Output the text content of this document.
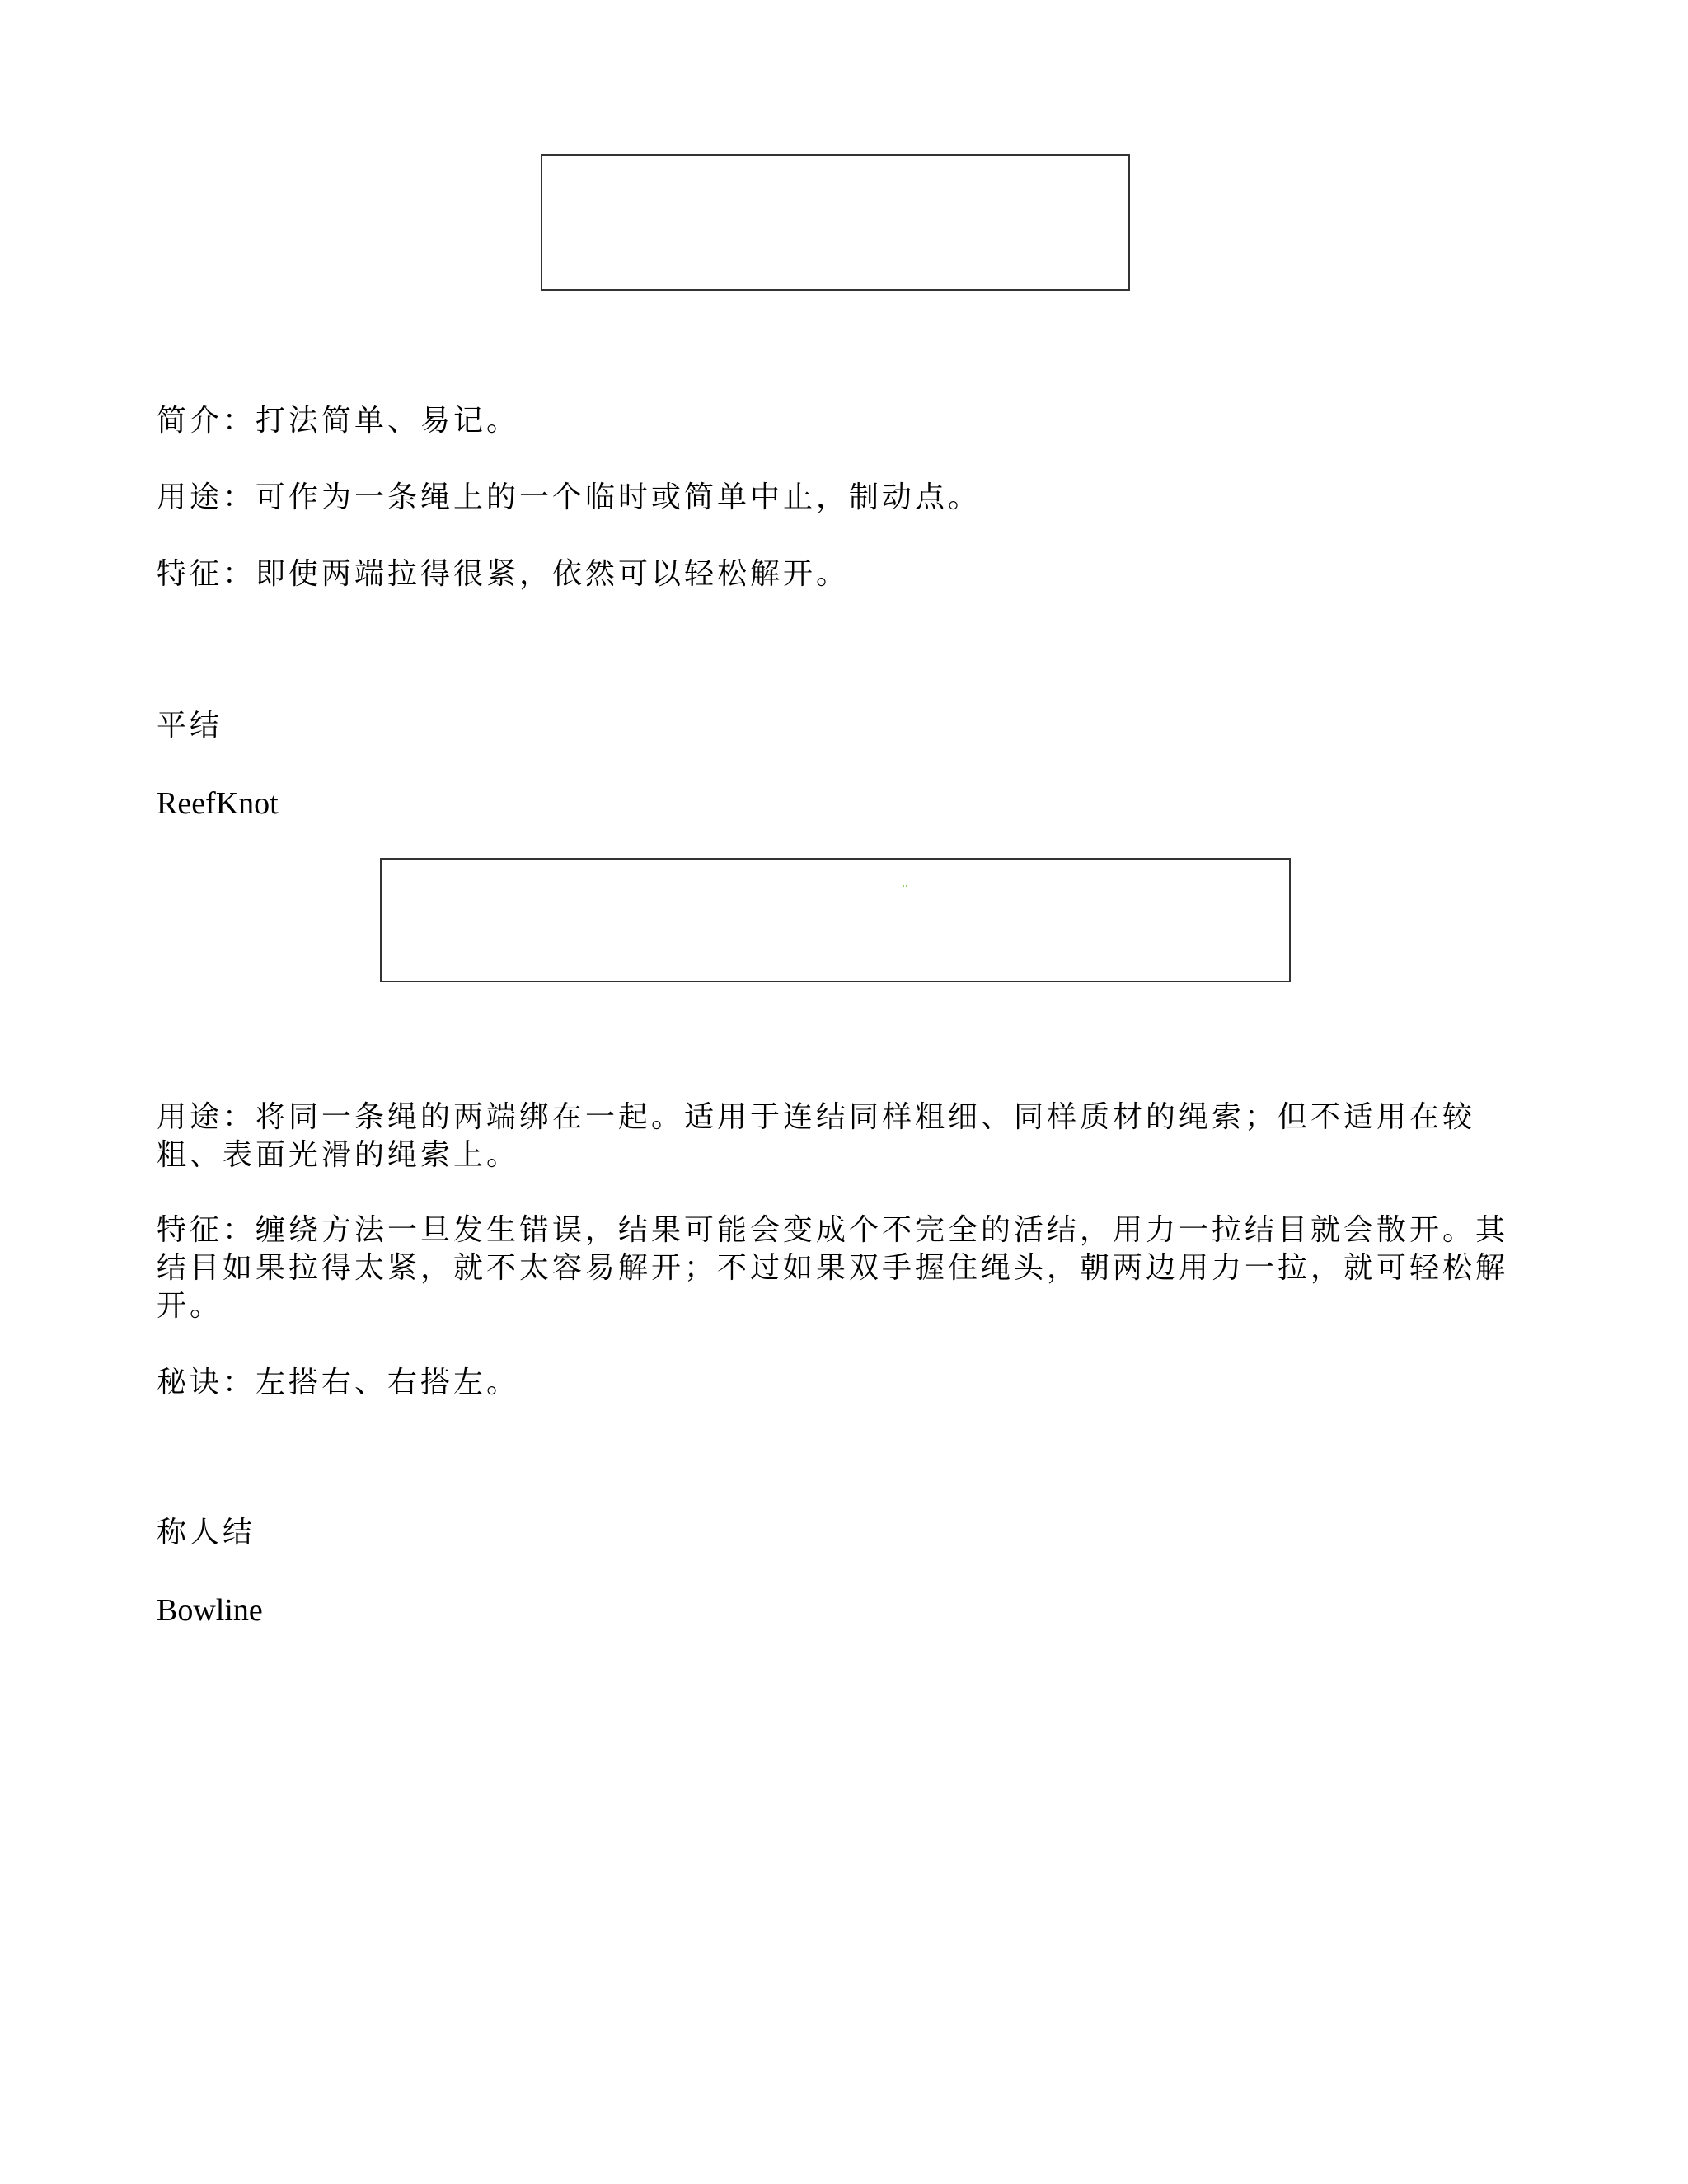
简介：打法简单、易记。

用途：可作为一条绳上的一个临时或简单中止，制动点。

特征：即使两端拉得很紧，依然可以轻松解开。

平结

ReefKnot

用途：将同一条绳的两端绑在一起。适用于连结同样粗细、同样质材的绳索；但不适用在较粗、表面光滑的绳索上。

特征：缠绕方法一旦发生错误，结果可能会变成个不完全的活结，用力一拉结目就会散开。其结目如果拉得太紧，就不太容易解开；不过如果双手握住绳头，朝两边用力一拉，就可轻松解开。

秘诀：左搭右、右搭左。

称人结

Bowline
